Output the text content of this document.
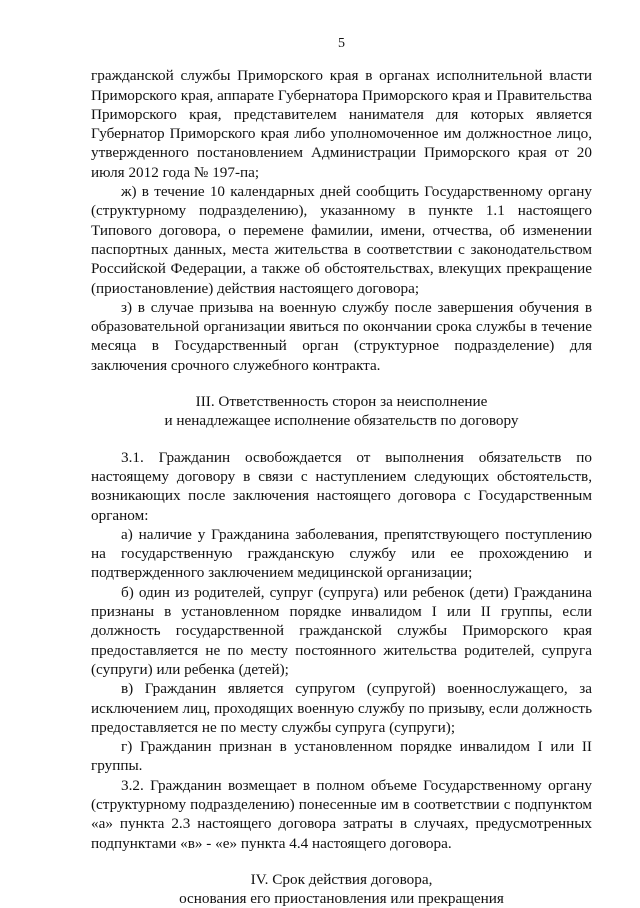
5

гражданской службы Приморского края в органах исполнительной власти Приморского края, аппарате Губернатора Приморского края и Правительства Приморского края, представителем нанимателя для которых является Губернатор Приморского края либо уполномоченное им должностное лицо, утвержденного постановлением Администрации Приморского края от 20 июля 2012 года № 197-па;

ж) в течение 10 календарных дней сообщить Государственному органу (структурному подразделению), указанному в пункте 1.1 настоящего Типового договора, о перемене фамилии, имени, отчества, об изменении паспортных данных, места жительства в соответствии с законодательством Российской Федерации, а также об обстоятельствах, влекущих прекращение (приостановление) действия настоящего договора;

з) в случае призыва на военную службу после завершения обучения в образовательной организации явиться по окончании срока службы в течение месяца в Государственный орган (структурное подразделение) для заключения срочного служебного контракта.

III. Ответственность сторон за неисполнение
и ненадлежащее исполнение обязательств по договору

3.1. Гражданин освобождается от выполнения обязательств по настоящему договору в связи с наступлением следующих обстоятельств, возникающих после заключения настоящего договора с Государственным органом:

а) наличие у Гражданина заболевания, препятствующего поступлению на государственную гражданскую службу или ее прохождению и подтвержденного заключением медицинской организации;

б) один из родителей, супруг (супруга) или ребенок (дети) Гражданина признаны в установленном порядке инвалидом I или II группы, если должность государственной гражданской службы Приморского края предоставляется не по месту постоянного жительства родителей, супруга (супруги) или ребенка (детей);

в) Гражданин является супругом (супругой) военнослужащего, за исключением лиц, проходящих военную службу по призыву, если должность предоставляется не по месту службы супруга (супруги);

г) Гражданин признан в установленном порядке инвалидом I или II группы.

3.2. Гражданин возмещает в полном объеме Государственному органу (структурному подразделению) понесенные им в соответствии с подпунктом «а» пункта 2.3 настоящего договора затраты в случаях, предусмотренных подпунктами «в» - «е» пункта 4.4 настоящего договора.

IV. Срок действия договора,
основания его приостановления или прекращения
